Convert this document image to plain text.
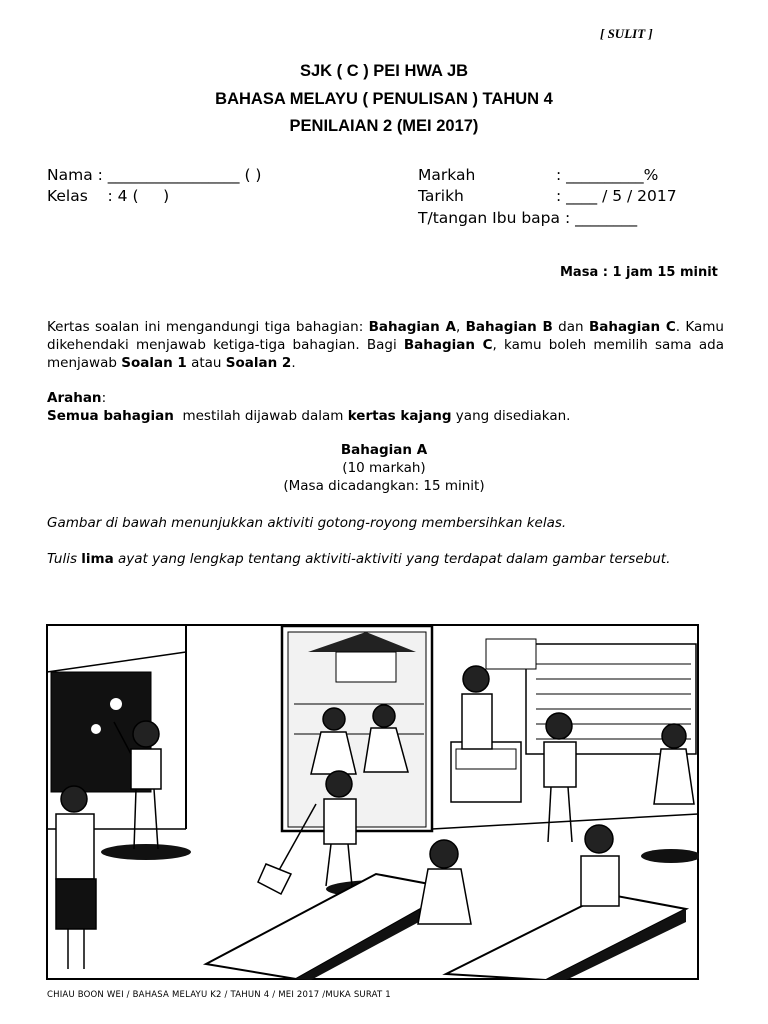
[ SULIT ]
SJK ( C ) PEI HWA JB
BAHASA MELAYU ( PENULISAN ) TAHUN 4
PENILAIAN 2 (MEI 2017)
Nama : _________________ ( )
Kelas    : 4 (     )
Markah	: __________%
Tarikh	: ____ / 5 / 2017
T/tangan Ibu bapa : ________
Masa : 1 jam 15 minit
Kertas soalan ini mengandungi tiga bahagian: Bahagian A, Bahagian B dan Bahagian C. Kamu dikehendaki menjawab ketiga-tiga bahagian. Bagi Bahagian C, kamu boleh memilih sama ada menjawab Soalan 1 atau Soalan 2.
Arahan:
Semua bahagian  mestilah dijawab dalam kertas kajang yang disediakan.
Bahagian A
(10 markah)
(Masa dicadangkan: 15 minit)
Gambar di bawah menunjukkan aktiviti gotong-royong membersihkan kelas.
Tulis lima ayat yang lengkap tentang aktiviti-aktiviti yang terdapat dalam gambar tersebut.
CHIAU BOON WEI / BAHASA MELAYU K2 / TAHUN 4 / MEI 2017 /MUKA SURAT 1
